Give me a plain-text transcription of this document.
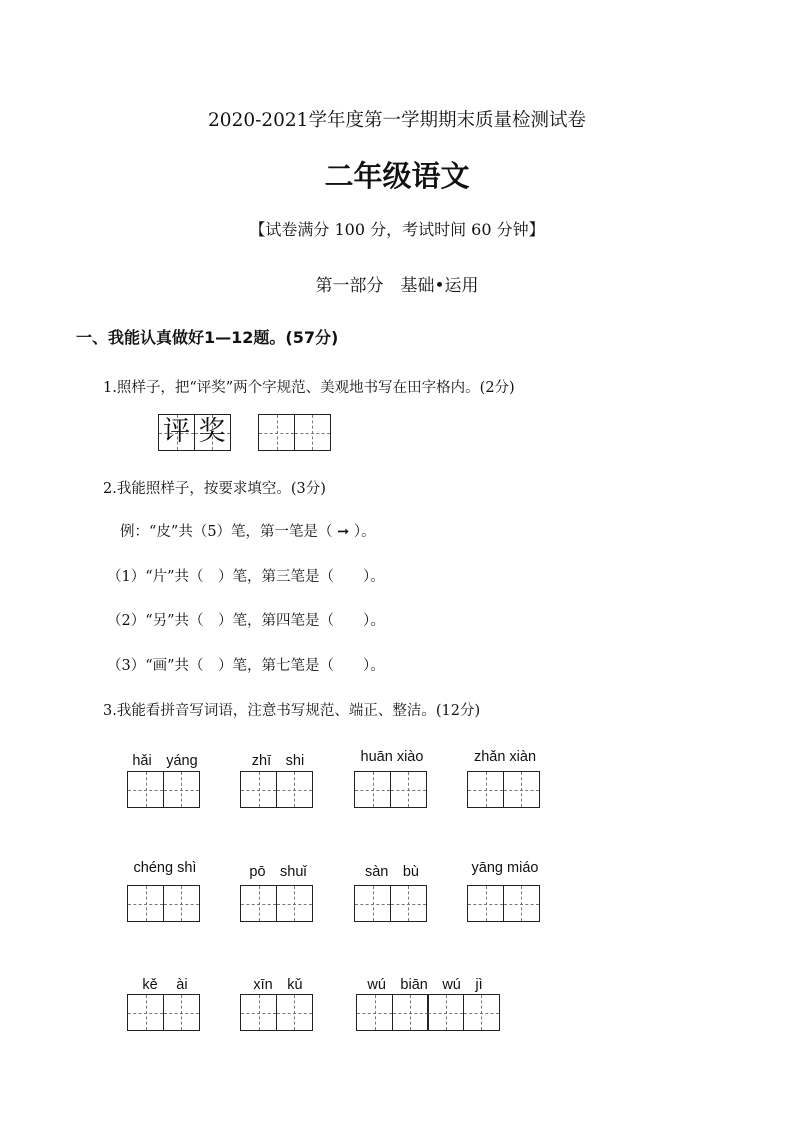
2020-2021学年度第一学期期末质量检测试卷
二年级语文
【试卷满分 100 分，考试时间 60 分钟】
第一部分　基础•运用
一、我能认真做好1—12题。(57分)
1.照样子，把“评奖”两个字规范、美观地书写在田字格内。(2分)
评 奖
2.我能照样子，按要求填空。(3分)
例：“皮”共（5）笔，第一笔是（ ➞ ）。
（1）“片”共（　）笔，第三笔是（　　）。
（2）“另”共（　）笔，第四笔是（　　）。
（3）“画”共（　）笔，第七笔是（　　）。
3.我能看拼音写词语，注意书写规范、端正、整洁。(12分)
hǎi　yáng	zhī　shi	huān xiào	zhǎn xiàn
chéng shì	pō　shuǐ	sàn　bù	yāng miáo
kě　 ài	xīn　kǔ	wú　biān　wú　jì
